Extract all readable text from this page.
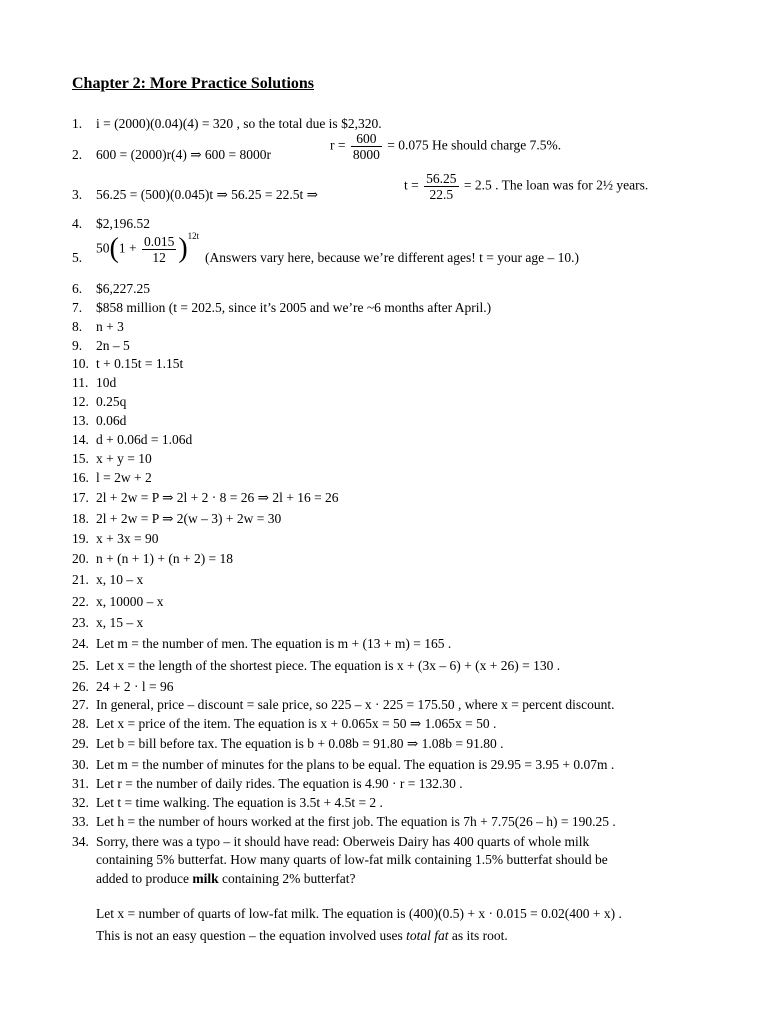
Chapter 2: More Practice Solutions
1. i = (2000)(0.04)(4) = 320 , so the total due is $2,320.
2. 600 = (2000)r(4) ⇒ 600 = 8000r
$r = \frac{600}{8000} = 0.075$ He should charge 7.5%.
3. 56.25 = (500)(0.045)t ⇒ 56.25 = 22.5t ⇒
$t = \frac{56.25}{22.5} = 2.5$ . The loan was for 2½ years.
4. $2,196.52
5.
$50(1 + \frac{0.015}{12} )^{12t}$
(Answers vary here, because we’re different ages! t = your age – 10.)
6. $6,227.25
7. $858 million (t = 202.5, since it’s 2005 and we’re ~6 months after April.)
8. n + 3
9. 2n – 5
10. t + 0.15t = 1.15t
11. 10d
12. 0.25q
13. 0.06d
14. d + 0.06d = 1.06d
15. x + y = 10
16. l = 2w + 2
17. 2l + 2w = P ⇒ 2l + 2 · 8 = 26 ⇒ 2l + 16 = 26
18. 2l + 2w = P ⇒ 2(w – 3) + 2w = 30
19. x + 3x = 90
20. n + (n + 1) + (n + 2) = 18
21. x, 10 – x
22. x, 10000 – x
23. x, 15 – x
24. Let m = the number of men. The equation is m + (13 + m) = 165 .
25. Let x = the length of the shortest piece. The equation is x + (3x – 6) + (x + 26) = 130 .
26. 24 + 2 · l = 96
27. In general, price – discount = sale price, so 225 – x · 225 = 175.50 , where x = percent discount.
28. Let x = price of the item. The equation is x + 0.065x = 50 ⇒ 1.065x = 50 .
29. Let b = bill before tax. The equation is b + 0.08b = 91.80 ⇒ 1.08b = 91.80 .
30. Let m = the number of minutes for the plans to be equal. The equation is 29.95 = 3.95 + 0.07m .
31. Let r = the number of daily rides. The equation is 4.90 · r = 132.30 .
32. Let t = time walking. The equation is 3.5t + 4.5t = 2 .
33. Let h = the number of hours worked at the first job. The equation is 7h + 7.75(26 – h) = 190.25 .
34. Sorry, there was a typo – it should have read: Oberweis Dairy has 400 quarts of whole milk
containing 5% butterfat. How many quarts of low-fat milk containing 1.5% butterfat should be
added to produce milk containing 2% butterfat?
Let x = number of quarts of low-fat milk. The equation is (400)(0.5) + x · 0.015 = 0.02(400 + x) .
This is not an easy question – the equation involved uses total fat as its root.
